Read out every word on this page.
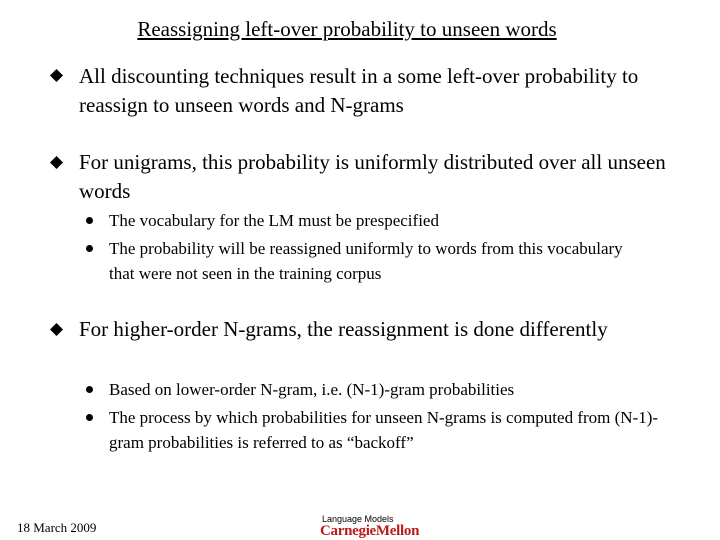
Reassigning left-over probability to unseen words
All discounting techniques result in a some left-over probability to reassign to unseen words and N-grams
For unigrams, this probability is uniformly distributed over all unseen words
The vocabulary for the LM must be prespecified
The probability will be reassigned uniformly to words from this vocabulary that were not seen in the training corpus
For higher-order N-grams, the reassignment is done differently
Based on lower-order N-gram, i.e. (N-1)-gram probabilities
The process by which probabilities for unseen N-grams is computed from (N-1)-gram probabilities is referred to as “backoff”
18 March 2009
Language Models
CarnegieMellon
